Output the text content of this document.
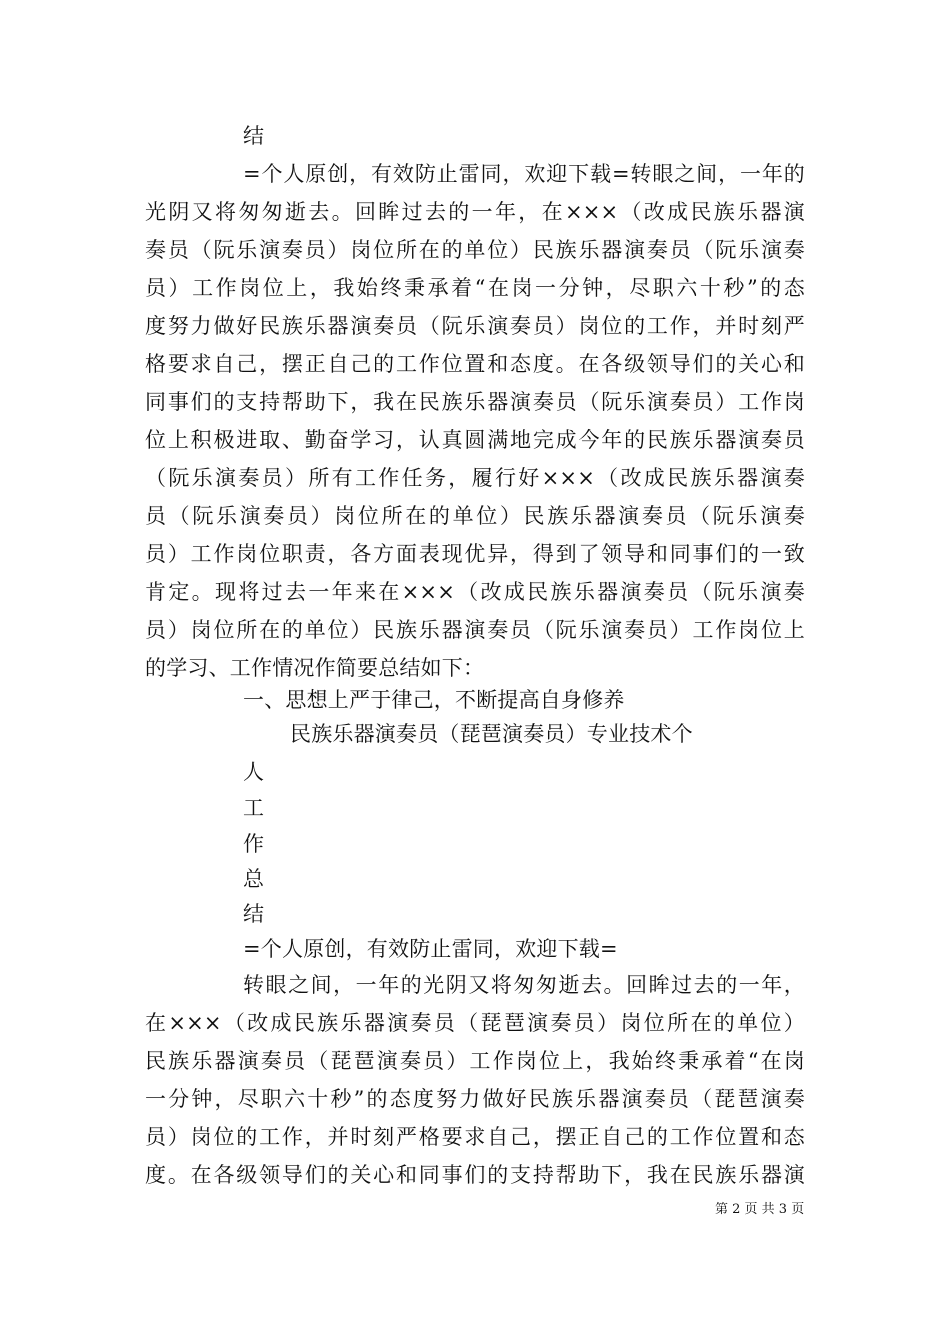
结
=个人原创，有效防止雷同，欢迎下载=转眼之间，一年的
光阴又将匆匆逝去。回眸过去的一年，在×××（改成民族乐器演
奏员（阮乐演奏员）岗位所在的单位）民族乐器演奏员（阮乐演奏
员）工作岗位上，我始终秉承着“在岗一分钟，尽职六十秒”的态
度努力做好民族乐器演奏员（阮乐演奏员）岗位的工作，并时刻严
格要求自己，摆正自己的工作位置和态度。在各级领导们的关心和
同事们的支持帮助下，我在民族乐器演奏员（阮乐演奏员）工作岗
位上积极进取、勤奋学习，认真圆满地完成今年的民族乐器演奏员
（阮乐演奏员）所有工作任务，履行好×××（改成民族乐器演奏
员（阮乐演奏员）岗位所在的单位）民族乐器演奏员（阮乐演奏
员）工作岗位职责，各方面表现优异，得到了领导和同事们的一致
肯定。现将过去一年来在×××（改成民族乐器演奏员（阮乐演奏
员）岗位所在的单位）民族乐器演奏员（阮乐演奏员）工作岗位上
的学习、工作情况作简要总结如下：
一、思想上严于律己，不断提高自身修养
民族乐器演奏员（琵琶演奏员）专业技术个
人
工
作
总
结
=个人原创，有效防止雷同，欢迎下载=
转眼之间，一年的光阴又将匆匆逝去。回眸过去的一年，
在×××（改成民族乐器演奏员（琵琶演奏员）岗位所在的单位）
民族乐器演奏员（琵琶演奏员）工作岗位上，我始终秉承着“在岗
一分钟，尽职六十秒”的态度努力做好民族乐器演奏员（琵琶演奏
员）岗位的工作，并时刻严格要求自己，摆正自己的工作位置和态
度。在各级领导们的关心和同事们的支持帮助下，我在民族乐器演
第 2 页 共 3 页
